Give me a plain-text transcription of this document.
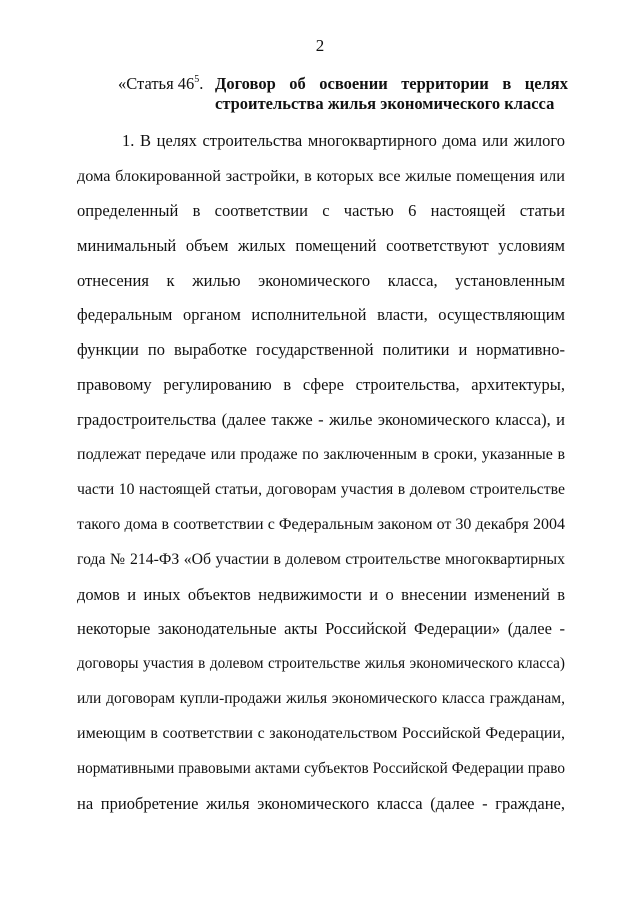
2
«Статья $46^5$. Договор об освоении территории в целях
строительства жилья экономического класса
1. В целях строительства многоквартирного дома или жилого
дома блокированной застройки, в которых все жилые помещения или
определенный в соответствии с частью 6 настоящей статьи
минимальный объем жилых помещений соответствуют условиям
отнесения к жилью экономического класса, установленным
федеральным органом исполнительной власти, осуществляющим
функции по выработке государственной политики и нормативно-
правовому регулированию в сфере строительства, архитектуры,
градостроительства (далее также - жилье экономического класса), и
подлежат передаче или продаже по заключенным в сроки, указанные в
части 10 настоящей статьи, договорам участия в долевом строительстве
такого дома в соответствии с Федеральным законом от 30 декабря 2004
года № 214-ФЗ «Об участии в долевом строительстве многоквартирных
домов и иных объектов недвижимости и о внесении изменений в
некоторые законодательные акты Российской Федерации» (далее -
договоры участия в долевом строительстве жилья экономического класса)
или договорам купли-продажи жилья экономического класса гражданам,
имеющим в соответствии с законодательством Российской Федерации,
нормативными правовыми актами субъектов Российской Федерации право
на приобретение жилья экономического класса (далее - граждане,
